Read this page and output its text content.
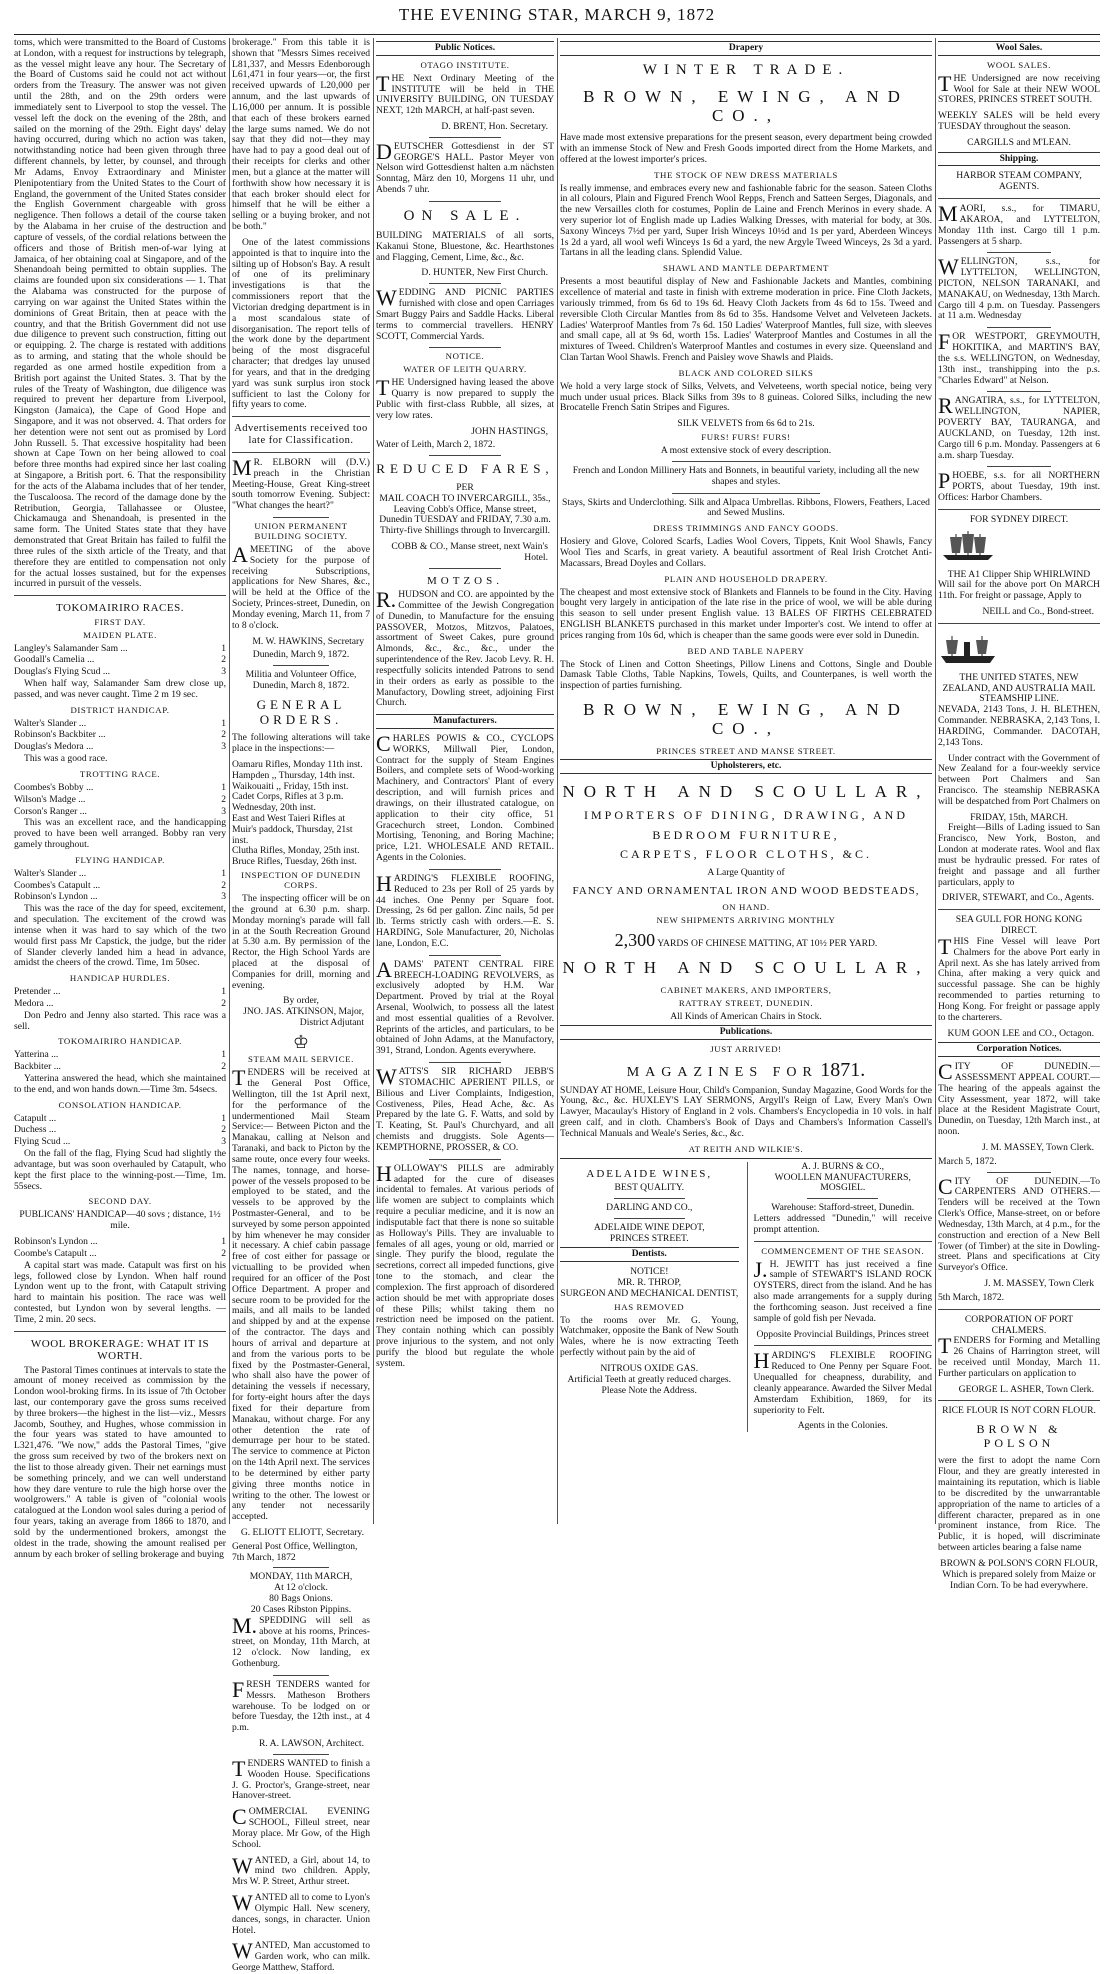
THE EVENING STAR, MARCH 9, 1872

toms, which were transmitted to the Board of Customs at London, with a request for instructions by telegraph, as the vessel might leave any hour. The Secretary of the Board of Customs said he could not act without orders from the Treasury. The answer was not given until the 28th, and on the 29th orders were immediately sent to Liverpool to stop the vessel. The vessel left the dock on the evening of the 28th, and sailed on the morning of the 29th. Eight days' delay having occurred, during which no action was taken, notwithstanding notice had been given through three different channels, by letter, by counsel, and through Mr Adams, Envoy Extraordinary and Minister Plenipotentiary from the United States to the Court of England, the government of the United States consider the English Government chargeable with gross negligence. Then follows a detail of the course taken by the Alabama in her cruise of the destruction and capture of vessels, of the cordial relations between the officers and those of British men-of-war lying at Jamaica, of her obtaining coal at Singapore, and of the Shenandoah being permitted to obtain supplies. The claims are founded upon six considerations — 1. That the Alabama was constructed for the purpose of carrying on war against the United States within the dominions of Great Britain, then at peace with the country, and that the British Government did not use due diligence to prevent such construction, fitting out or equipping. 2. The charge is restated with additions as to arming, and stating that the whole should be regarded as one armed hostile expedition from a British port against the United States. 3. That by the rules of the Treaty of Washington, due diligence was required to prevent her departure from Liverpool, Kingston (Jamaica), the Cape of Good Hope and Singapore, and it was not observed. 4. That orders for her detention were not sent out as promised by Lord John Russell. 5. That excessive hospitality had been shown at Cape Town on her being allowed to coal before three months had expired since her last coaling at Singapore, a British port. 6. That the responsibility for the acts of the Alabama includes that of her tender, the Tuscaloosa. The record of the damage done by the Retribution, Georgia, Tallahassee or Olustee, Chickamauga and Shenandoah, is presented in the same form. The United States state that they have demonstrated that Great Britain has failed to fulfil the three rules of the sixth article of the Treaty, and that therefore they are entitled to compensation not only for the actual losses sustained, but for the expenses incurred in pursuit of the vessels.

TOKOMAIRIRO RACES.
FIRST DAY.
MAIDEN PLATE.
Langley's Salamander Sam ...	1
Goodall's Camelia ...	2
Douglas's Flying Scud ...	3

When half way, Salamander Sam drew close up, passed, and was never caught. Time 2 m 19 sec.

DISTRICT HANDICAP.
Walter's Slander ...	1
Robinson's Backbiter ...	2
Douglas's Medora ...	3

This was a good race.

TROTTING RACE.
Coombes's Bobby ...	1
Wilson's Madge ...	2
Corson's Ranger ...	3

This was an excellent race, and the handicapping proved to have been well arranged. Bobby ran very gamely throughout.

FLYING HANDICAP.
Walter's Slander ...	1
Coombes's Catapult ...	2
Robinson's Lyndon ...	3

This was the race of the day for speed, excitement, and speculation. The excitement of the crowd was intense when it was hard to say which of the two would first pass Mr Capstick, the judge, but the rider of Slander cleverly landed him a head in advance, amidst the cheers of the crowd. Time, 1m 50sec.

HANDICAP HURDLES.
Pretender ...	1
Medora ...	2

Don Pedro and Jenny also started. This race was a sell.

TOKOMAIRIRO HANDICAP.
Yatterina ...	1
Backbiter ...	2

Yatterina answered the head, which she maintained to the end, and won hands down.—Time 3m. 54secs.

CONSOLATION HANDICAP.
Catapult ...	1
Duchess ...	2
Flying Scud ...	3

On the fall of the flag, Flying Scud had slightly the advantage, but was soon overhauled by Catapult, who kept the first place to the winning-post.—Time, 1m. 55secs.

SECOND DAY.

PUBLICANS' HANDICAP—40 sovs ; distance, 1½ mile.

Robinson's Lyndon ...	1
Coombe's Catapult ...	2

A capital start was made. Catapult was first on his legs, followed close by Lyndon. When half round Lyndon went up to the front, with Catapult striving hard to maintain his position. The race was well contested, but Lyndon won by several lengths. —Time, 2 min. 20 secs.

WOOL BROKERAGE: WHAT IT IS WORTH.

The Pastoral Times continues at intervals to state the amount of money received as commission by the London wool-broking firms. In its issue of 7th October last, our contemporary gave the gross sums received by three brokers—the highest in the list—viz., Messrs Jacomb, Southey, and Hughes, whose commission in the four years was stated to have amounted to L321,476. "We now," adds the Pastoral Times, "give the gross sum received by two of the brokers next on the list to those already given. Their net earnings must be something princely, and we can well understand how they dare venture to rule the high horse over the woolgrowers." A table is given of "colonial wools catalogued at the London wool sales during a period of four years, taking an average from 1866 to 1870, and sold by the undermentioned brokers, amongst the oldest in the trade, showing the amount realised per annum by each broker of selling brokerage and buying

brokerage." From this table it is shown that "Messrs Simes received L81,337, and Messrs Edenborough L61,471 in four years—or, the first received upwards of L20,000 per annum, and the last upwards of L16,000 per annum. It is possible that each of these brokers earned the large sums named. We do not say that they did not—they may have had to pay a good deal out of their receipts for clerks and other men, but a glance at the matter will forthwith show how necessary it is that each broker should elect for himself that he will be either a selling or a buying broker, and not be both."

One of the latest commissions appointed is that to inquire into the silting up of Hobson's Bay. A result of one of its preliminary investigations is that the commissioners report that the Victorian dredging department is in a most scandalous state of disorganisation. The report tells of the work done by the department being of the most disgraceful character; that dredges lay unused for years, and that in the dredging yard was sunk surplus iron stock sufficient to last the Colony for fifty years to come.

Advertisements received too late for Classification.

MR. ELBORN will (D.V.) preach in the Christian Meeting-House, Great King-street south tomorrow Evening. Subject: "What changes the heart?"

UNION PERMANENT BUILDING SOCIETY.

AMEETING of the above Society for the purpose of receiving Subscriptions, applications for New Shares, &c., will be held at the Office of the Society, Princes-street, Dunedin, on Monday evening, March 11, from 7 to 8 o'clock.

M. W. HAWKINS, Secretary
Dunedin, March 9, 1872.
Militia and Volunteer Office, Dunedin, March 8, 1872.
GENERAL ORDERS.

The following alterations will take place in the inspections:—

Oamaru Rifles, Monday 11th inst.
Hampden ,, Thursday, 14th inst.
Waikouaiti ,, Friday, 15th inst.
Cadet Corps, Rifles at 3 p.m. Wednesday, 20th inst.
East and West Taieri Rifles at Muir's paddock, Thursday, 21st inst.
Clutha Rifles, Monday, 25th inst.
Bruce Rifles, Tuesday, 26th inst.
INSPECTION OF DUNEDIN CORPS.

The inspecting officer will be on the ground at 6.30 p.m. sharp. Monday morning's parade will fall in at the South Recreation Ground at 5.30 a.m. By permission of the Rector, the High School Yards are placed at the disposal of Companies for drill, morning and evening.

By order,
JNO. JAS. ATKINSON, Major, District Adjutant
♔
STEAM MAIL SERVICE.

TENDERS will be received at the General Post Office, Wellington, till the 1st April next, for the performance of the undermentioned Mail Steam Service:— Between Picton and the Manakau, calling at Nelson and Taranaki, and back to Picton by the same route, once every four weeks. The names, tonnage, and horse-power of the vessels proposed to be employed to be stated, and the vessels to be approved by the Postmaster-General, and to be surveyed by some person appointed by him whenever he may consider it necessary. A chief cabin passage free of cost either for passage or victualling to be provided when required for an officer of the Post Office Department. A proper and secure room to be provided for the mails, and all mails to be landed and shipped by and at the expense of the contractor. The days and hours of arrival and departure at and from the various ports to be fixed by the Postmaster-General, who shall also have the power of detaining the vessels if necessary, for forty-eight hours after the days fixed for their departure from Manakau, without charge. For any other detention the rate of demurrage per hour to be stated. The service to commence at Picton on the 14th April next. The services to be determined by either party giving three months notice in writing to the other. The lowest or any tender not necessarily accepted.

G. ELIOTT ELIOTT, Secretary.
General Post Office, Wellington, 7th March, 1872
MONDAY, 11th MARCH,
At 12 o'clock.
80 Bags Onions.
20 Cases Ribston Pippins.

M.SPEDDING will sell as above at his rooms, Princes-street, on Monday, 11th March, at 12 o'clock. Now landing, ex Gothenburg.

FRESH TENDERS wanted for Messrs. Matheson Brothers warehouse. To be lodged on or before Tuesday, the 12th inst., at 4 p.m.

R. A. LAWSON, Architect.

TENDERS WANTED to finish a Wooden House. Specifications J. G. Proctor's, Grange-street, near Hanover-street.

COMMERCIAL EVENING SCHOOL, Filleul street, near Moray place. Mr Gow, of the High School.

WANTED, a Girl, about 14, to mind two children. Apply, Mrs W. P. Street, Arthur street.

WANTED all to come to Lyon's Olympic Hall. New scenery, dances, songs, in character. Union Hotel.

WANTED, Man accustomed to Garden work, who can milk. George Matthew, Stafford.

Public Notices.
OTAGO INSTITUTE.

THE Next Ordinary Meeting of the INSTITUTE will be held in THE UNIVERSITY BUILDING, ON TUESDAY NEXT, 12th MARCH, at half-past seven.

D. BRENT, Hon. Secretary.

DEUTSCHER Gottesdienst in der ST GEORGE'S HALL. Pastor Meyer von Nelson wird Gottesdienst halten a.m nächsten Sonntag, März den 10, Morgens 11 uhr, und Abends 7 uhr.

ON SALE.

BUILDING MATERIALS of all sorts, Kakanui Stone, Bluestone, &c. Hearthstones and Flagging, Cement, Lime, &c., &c.

D. HUNTER, New First Church.

WEDDING AND PICNIC PARTIES furnished with close and open Carriages Smart Buggy Pairs and Saddle Hacks. Liberal terms to commercial travellers. HENRY SCOTT, Commercial Yards.

NOTICE.
WATER OF LEITH QUARRY.

THE Undersigned having leased the above Quarry is now prepared to supply the Public with first-class Rubble, all sizes, at very low rates.

JOHN HASTINGS,
Water of Leith, March 2, 1872.
REDUCED FARES,
PER
MAIL COACH TO INVERCARGILL, 35s.,

Leaving Cobb's Office, Manse street, Dunedin TUESDAY and FRIDAY, 7.30 a.m. Thirty-five Shillings through to Invercargill.

COBB & CO., Manse street, next Wain's Hotel.
MOTZOS.

R.HUDSON and CO. are appointed by the Committee of the Jewish Congregation of Dunedin, to Manufacture for the ensuing PASSOVER, Motzos, Mitzvos, Palatoes, assortment of Sweet Cakes, pure ground Almonds, &c., &c., &c., under the superintendence of the Rev. Jacob Levy. R. H. respectfully solicits intended Patrons to send in their orders as early as possible to the Manufactory, Dowling street, adjoining First Church.

Manufacturers.

CHARLES POWIS & CO., CYCLOPS WORKS, Millwall Pier, London, Contract for the supply of Steam Engines Boilers, and complete sets of Wood-working Machinery, and Contractors' Plant of every description, and will furnish prices and drawings, on their illustrated catalogue, on application to their city office, 51 Gracechurch street, London. Combined Mortising, Tenoning, and Boring Machine; price, L21. WHOLESALE AND RETAIL. Agents in the Colonies.

HARDING'S FLEXIBLE ROOFING, Reduced to 23s per Roll of 25 yards by 44 inches. One Penny per Square foot. Dressing, 2s 6d per gallon. Zinc nails, 5d per lb. Terms strictly cash with orders.—E. S. HARDING, Sole Manufacturer, 20, Nicholas lane, London, E.C.

ADAMS' PATENT CENTRAL FIRE BREECH-LOADING REVOLVERS, as exclusively adopted by H.M. War Department. Proved by trial at the Royal Arsenal, Woolwich, to possess all the latest and most essential qualities of a Revolver. Reprints of the articles, and particulars, to be obtained of John Adams, at the Manufactory, 391, Strand, London. Agents everywhere.

WATTS'S SIR RICHARD JEBB'S STOMACHIC APERIENT PILLS, or Bilious and Liver Complaints, Indigestion, Costiveness, Piles, Head Ache, &c. As Prepared by the late G. F. Watts, and sold by T. Keating, St. Paul's Churchyard, and all chemists and druggists. Sole Agents— KEMPTHORNE, PROSSER, & CO.

HOLLOWAY'S PILLS are admirably adapted for the cure of diseases incidental to females. At various periods of life women are subject to complaints which require a peculiar medicine, and it is now an indisputable fact that there is none so suitable as Holloway's Pills. They are invaluable to females of all ages, young or old, married or single. They purify the blood, regulate the secretions, correct all impeded functions, give tone to the stomach, and clear the complexion. The first approach of disordered action should be met with appropriate doses of these Pills; whilst taking them no restriction need be imposed on the patient. They contain nothing which can possibly prove injurious to the system, and not only purify the blood but regulate the whole system.

Drapery
WINTER TRADE.
BROWN, EWING, AND CO.,

Have made most extensive preparations for the present season, every department being crowded with an immense Stock of New and Fresh Goods imported direct from the Home Markets, and offered at the lowest importer's prices.

THE STOCK OF NEW DRESS MATERIALS

Is really immense, and embraces every new and fashionable fabric for the season. Sateen Cloths in all colours, Plain and Figured French Wool Repps, French and Satteen Serges, Diagonals, and the new Versailles cloth for costumes, Poplin de Laine and French Merinos in every shade. A very superior lot of English made up Ladies Walking Dresses, with material for body, at 30s. Saxony Winceys 7½d per yard, Super Irish Winceys 10½d and 1s per yard, Aberdeen Winceys 1s 2d a yard, all wool wefi Winceys 1s 6d a yard, the new Argyle Tweed Winceys, 2s 3d a yard. Tartans in all the leading clans. Splendid Value.

SHAWL AND MANTLE DEPARTMENT

Presents a most beautiful display of New and Fashionable Jackets and Mantles, combining excellence of material and taste in finish with extreme moderation in price. Fine Cloth Jackets, variously trimmed, from 6s 6d to 19s 6d. Heavy Cloth Jackets from 4s 6d to 15s. Tweed and reversible Cloth Circular Mantles from 8s 6d to 35s. Handsome Velvet and Velveteen Jackets. Ladies' Waterproof Mantles from 7s 6d. 150 Ladies' Waterproof Mantles, full size, with sleeves and small cape, all at 9s 6d, worth 15s. Ladies' Waterproof Mantles and Costumes in all the mixtures of Tweed. Children's Waterproof Mantles and costumes in every size. Queensland and Clan Tartan Wool Shawls. French and Paisley wove Shawls and Plaids.

BLACK AND COLORED SILKS

We hold a very large stock of Silks, Velvets, and Velveteens, worth special notice, being very much under usual prices. Black Silks from 39s to 8 guineas. Colored Silks, including the new Brocatelle French Satin Stripes and Figures.

SILK VELVETS from 6s 6d to 21s.
FURS! FURS! FURS!
A most extensive stock of every description.

French and London Millinery Hats and Bonnets, in beautiful variety, including all the new shapes and styles.

Stays, Skirts and Underclothing. Silk and Alpaca Umbrellas. Ribbons, Flowers, Feathers, Laced and Sewed Muslins.

DRESS TRIMMINGS AND FANCY GOODS.

Hosiery and Glove, Colored Scarfs, Ladies Wool Covers, Tippets, Knit Wool Shawls, Fancy Wool Ties and Scarfs, in great variety. A beautiful assortment of Real Irish Crotchet Anti-Macassars, Bread Doyles and Collars.

PLAIN AND HOUSEHOLD DRAPERY.

The cheapest and most extensive stock of Blankets and Flannels to be found in the City. Having bought very largely in anticipation of the late rise in the price of wool, we will be able during this season to sell under present English value. 13 BALES OF FIRTHS CELEBRATED ENGLISH BLANKETS purchased in this market under Importer's cost. We intend to offer at prices ranging from 10s 6d, which is cheaper than the same goods were ever sold in Dunedin.

BED AND TABLE NAPERY

The Stock of Linen and Cotton Sheetings, Pillow Linens and Cottons, Single and Double Damask Table Cloths, Table Napkins, Towels, Quilts, and Counterpanes, is well worth the inspection of parties furnishing.

BROWN, EWING, AND CO.,
PRINCES STREET AND MANSE STREET.
Upholsterers, etc.
NORTH AND SCOULLAR,
IMPORTERS OF DINING, DRAWING, AND
BEDROOM FURNITURE,
CARPETS, FLOOR CLOTHS, &C.
A Large Quantity of
FANCY AND ORNAMENTAL IRON AND WOOD BEDSTEADS,
ON HAND.
NEW SHIPMENTS ARRIVING MONTHLY
2,300 YARDS OF CHINESE MATTING, AT 10½ PER YARD.
NORTH AND SCOULLAR,
CABINET MAKERS, AND IMPORTERS,
RATTRAY STREET, DUNEDIN.
All Kinds of American Chairs in Stock.
Publications.
JUST ARRIVED!
MAGAZINES FOR 1871.

SUNDAY AT HOME, Leisure Hour, Child's Companion, Sunday Magazine, Good Words for the Young, &c., &c. HUXLEY'S LAY SERMONS, Argyll's Reign of Law, Every Man's Own Lawyer, Macaulay's History of England in 2 vols. Chambers's Encyclopedia in 10 vols. in half green calf, and in cloth. Chambers's Book of Days and Chambers's Information Cassell's Technical Manuals and Weale's Series, &c., &c.

AT REITH AND WILKIE'S.
ADELAIDE WINES,
BEST QUALITY.
DARLING AND CO.,
ADELAIDE WINE DEPOT,
PRINCES STREET.
Dentists.
NOTICE!
MR. R. THROP,
SURGEON AND MECHANICAL DENTIST,
HAS REMOVED

To the rooms over Mr. G. Young, Watchmaker, opposite the Bank of New South Wales, where he is now extracting Teeth perfectly without pain by the aid of

NITROUS OXIDE GAS.

Artificial Teeth at greatly reduced charges. Please Note the Address.

A. J. BURNS & CO.,
WOOLLEN MANUFACTURERS, MOSGIEL.
Warehouse: Stafford-street, Dunedin.

Letters addressed "Dunedin," will receive prompt attention.

COMMENCEMENT OF THE SEASON.

J.H. JEWITT has just received a fine sample of STEWART'S ISLAND ROCK OYSTERS, direct from the island. And he has also made arrangements for a supply during the forthcoming season. Just received a fine sample of gold fish per Nevada.

Opposite Provincial Buildings, Princes street

HARDING'S FLEXIBLE ROOFING Reduced to One Penny per Square Foot. Unequalled for cheapness, durability, and cleanly appearance. Awarded the Silver Medal Amsterdam Exhibition, 1869, for its superiority to Felt.

Agents in the Colonies.
Wool Sales.
WOOL SALES.

THE Undersigned are now receiving Wool for Sale at their NEW WOOL STORES, PRINCES STREET SOUTH.

WEEKLY SALES will be held every TUESDAY throughout the season.

CARGILLS and M'LEAN.
Shipping.
HARBOR STEAM COMPANY, AGENTS.

MAORI, s.s., for TIMARU, AKAROA, and LYTTELTON, Monday 11th inst. Cargo till 1 p.m. Passengers at 5 sharp.

WELLINGTON, s.s., for LYTTELTON, WELLINGTON, PICTON, NELSON TARANAKI, and MANAKAU, on Wednesday, 13th March. Cargo till 4 p.m. on Tuesday. Passengers at 11 a.m. Wednesday

FOR WESTPORT, GREYMOUTH, HOKITIKA, and MARTIN'S BAY, the s.s. WELLINGTON, on Wednesday, 13th inst., transhipping into the p.s. "Charles Edward" at Nelson.

RANGATIRA, s.s., for LYTTELTON, WELLINGTON, NAPIER, POVERTY BAY, TAURANGA, and AUCKLAND, on Tuesday, 12th inst. Cargo till 6 p.m. Monday. Passengers at 6 a.m. sharp Tuesday.

PHOEBE, s.s. for all NORTHERN PORTS, about Tuesday, 19th inst. Offices: Harbor Chambers.

FOR SYDNEY DIRECT.
THE A1 Clipper Ship WHIRLWIND

Will sail for the above port On MARCH 11th. For freight or passage, Apply to

NEILL and Co., Bond-street.
THE UNITED STATES, NEW ZEALAND, AND AUSTRALIA MAIL STEAMSHIP LINE.

NEVADA, 2143 Tons, J. H. BLETHEN, Commander. NEBRASKA, 2,143 Tons, I. HARDING, Commander. DACOTAH, 2,143 Tons.

Under contract with the Government of New Zealand for a four-weekly service between Port Chalmers and San Francisco. The steamship NEBRASKA will be despatched from Port Chalmers on

FRIDAY, 15th, MARCH.

Freight—Bills of Lading issued to San Francisco, New York, Boston, and London at moderate rates. Wool and flax must be hydraulic pressed. For rates of freight and passage and all further particulars, apply to

DRIVER, STEWART, and Co., Agents.
SEA GULL FOR HONG KONG DIRECT.

THIS Fine Vessel will leave Port Chalmers for the above Port early in April next. As she has lately arrived from China, after making a very quick and successful passage. She can be highly recommended to parties returning to Hong Kong. For freight or passage apply to the charterers.

KUM GOON LEE and CO., Octagon.
Corporation Notices.

CITY OF DUNEDIN.—ASSESSMENT APPEAL COURT.—The hearing of the appeals against the City Assessment, year 1872, will take place at the Resident Magistrate Court, Dunedin, on Tuesday, 12th March inst., at noon.

J. M. MASSEY, Town Clerk.
March 5, 1872.

CITY OF DUNEDIN.—To CARPENTERS AND OTHERS.—Tenders will be received at the Town Clerk's Office, Manse-street, on or before Wednesday, 13th March, at 4 p.m., for the construction and erection of a New Bell Tower (of Timber) at the site in Dowling-street. Plans and specifications at City Surveyor's Office.

J. M. MASSEY, Town Clerk
5th March, 1872.
CORPORATION OF PORT CHALMERS.

TENDERS for Forming and Metalling 26 Chains of Harrington street, will be received until Monday, March 11. Further particulars on application to

GEORGE L. ASHER, Town Clerk.
RICE FLOUR IS NOT CORN FLOUR.
BROWN & POLSON

were the first to adopt the name Corn Flour, and they are greatly interested in maintaining its reputation, which is liable to be discredited by the unwarrantable appropriation of the name to articles of a different character, prepared as in one prominent instance, from Rice. The Public, it is hoped, will discriminate between articles bearing a false name

BROWN & POLSON'S CORN FLOUR,

Which is prepared solely from Maize or Indian Corn. To be had everywhere.
